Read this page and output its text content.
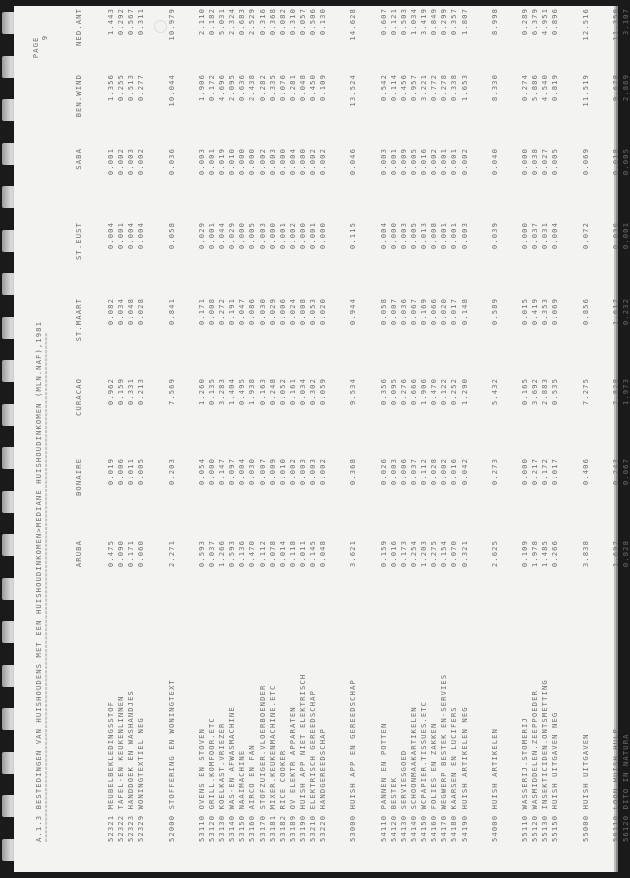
A.1.3 BESTEDINGEN VAN HUISHOUDENS MET EEN HUISHOUDINKOMEN>MEDIANE HUISHOUDINKOMEN (MLN.NAF),1981 =========================================================================================================================

PAGE
9

ARUBA
BONAIRE
CURACAO
ST.MAART
ST.EUST
SABA
BEN.WIND
NED.ANT
52321 MEUBELBEKLEDINGSSTOF
0.475
0.019
0.962
0.082
0.004
0.001
1.356
1.443
52322 TAFEL-EN KEUKENLINNEN
0.090
0.006
0.159
0.034
0.001
0.002
0.255
0.292
52323 HANDDOEK EN WASHANDJES
0.171
0.011
0.331
0.048
0.004
0.003
0.513
0.567
52329 WONINGTEXTIEL NEG
0.060
0.005
0.213
0.028
0.004
0.002
0.277
0.311
52000 STOFFERING EN WONINGTEXT
2.271
0.203
7.569
0.841
0.058
0.036
10.044
10.979
53110 OVENS EN STOVEN
0.593
0.054
1.260
0.171
0.029
0.003
1.906
2.110
53120 GRILL.KOMFOOR.ETC
0.037
0.000
0.135
0.008
0.001
0.001
0.172
0.182
53130 KOELKAST.VRIEZER
1.266
0.147
3.283
0.272
0.044
0.019
4.696
5.031
53140 WAS-EN AFWASMACHINE
0.593
0.097
1.404
0.191
0.029
0.010
2.095
2.324
53150 NAAIMACHINE
0.136
0.004
0.495
0.047
0.000
0.000
0.636
0.683
53160 AIRCO EN FAN
0.470
0.030
1.938
0.086
0.005
0.000
2.438
2.529
53170 STOFZUIGER.VLOERBOENDER
0.112
0.007
0.163
0.030
0.003
0.002
0.282
0.316
53181 MIXER.KEUKENMACHINE.ETC
0.078
0.009
0.248
0.029
0.000
0.003
0.335
0.368
53182 RICE COOKER
0.014
0.010
0.052
0.006
0.001
0.000
0.076
0.082
53189 OV ELEKTR APPARATEN
0.118
0.002
0.161
0.024
0.002
0.004
0.281
0.310
53190 HUISH APP NIET ELEKTRISCH
0.011
0.003
0.034
0.008
0.000
0.000
0.048
0.057
53210 ELEKTRISCH GEREEDSCHAP
0.145
0.003
0.302
0.053
0.001
0.002
0.450
0.506
53220 HANDGEREEDSCHAP
0.048
0.002
0.059
0.020
0.000
0.002
0.109
0.130
53000 HUISH APP EN GEREEDSCHAP
3.621
0.368
9.534
0.944
0.115
0.046
13.524
14.628
54110 PANNEN EN POTTEN
0.159
0.026
0.356
0.058
0.004
0.003
0.542
0.607
54120 BESTEK
0.016
0.003
0.095
0.007
0.000
0.001
0.114
0.121
54130 SERVIESGOED
0.173
0.006
0.276
0.036
0.003
0.009
0.456
0.503
54140 SCHOONMAAKARTIKELEN
0.254
0.037
0.666
0.067
0.005
0.005
0.957
1.034
54150 WCPAPIER.TISSUES.ETC
1.203
0.112
1.906
0.169
0.013
0.016
3.221
3.419
54160 FOLIES EN ZAKKEN
0.275
0.028
0.470
0.066
0.008
0.002
0.772
0.849
54170 WEGWERP BESTEK EN-SERVIES
0.154
0.002
0.122
0.020
0.001
0.001
0.278
0.299
54180 KAARSEN EN LUCIFERS
0.070
0.016
0.252
0.017
0.001
0.001
0.338
0.357
54190 HUISH ARTIKELEN NEG
0.321
0.042
1.290
0.148
0.003
0.002
1.653
1.807
54000 HUISH ARTIKELEN
2.625
0.273
5.432
0.589
0.039
0.040
8.330
8.998
55110 WASSERIJ.STOMERIJ
0.109
0.000
0.165
0.015
0.000
0.000
0.274
0.289
55120 WASMIDDELEN.ZEEPPOEDER
1.978
0.217
3.692
0.419
0.037
0.038
5.886
6.379
55130 INSEKTICIDEN.ONTSMETTING
1.485
0.172
2.883
0.353
0.031
0.027
4.540
4.951
55150 HUISH UITGAVEN NEG
0.266
0.017
0.535
0.069
0.004
0.005
0.819
0.896
55000 HUISH UITGAVEN
3.838
0.406
7.275
0.856
0.072
0.069
11.519
12.516
56110 LOON HUISH HULP
1.607
0.243
7.828
1.617
0.036
0.018
9.678
11.350
56120 DITO IN NATURA
0.828
0.067
1.973
0.232
0.001
0.005
2.869
3.107
